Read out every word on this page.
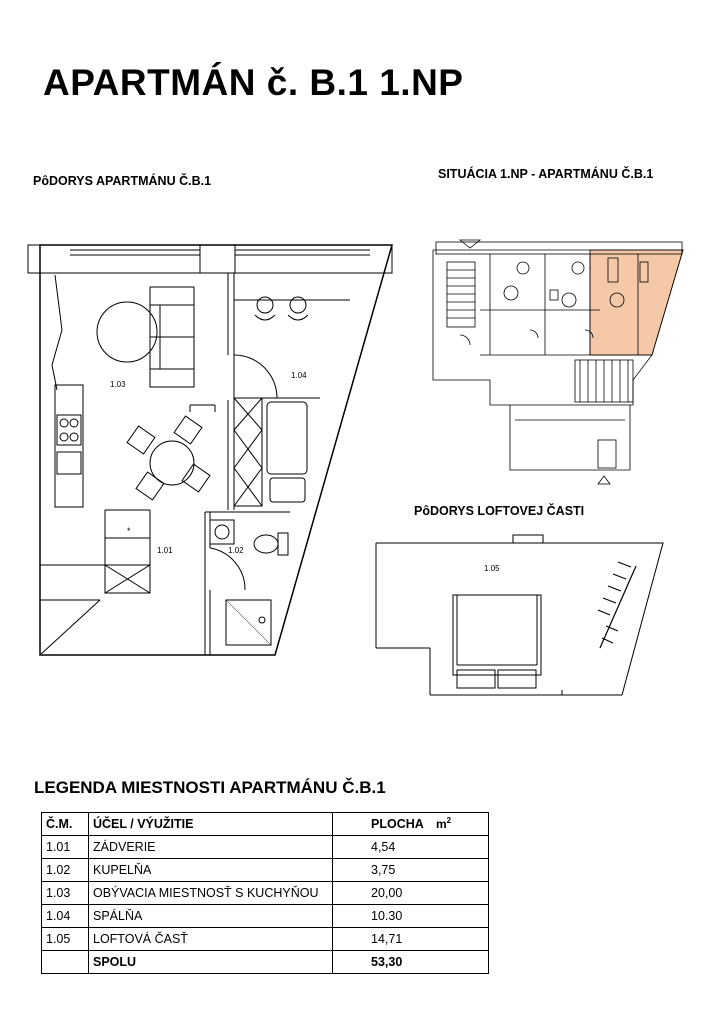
APARTMÁN č. B.1 1.NP
PôDORYS APARTMÁNU Č.B.1	SITUÁCIA 1.NP - APARTMÁNU Č.B.1
PôDORYS LOFTOVEJ ČASTI
1.03
1.04
1.01	1.02
*
1.05
LEGENDA MIESTNOSTI APARTMÁNU Č.B.1
$m^2$
Č.M.	ÚČEL / VÝUŽITIE	PLOCHA
1.01	ZÁDVERIE	4,54
1.02	KUPELŇA	3,75
1.03	OBÝVACIA MIESTNOSŤ S KUCHYŇOU	20,00
1.04	SPÁLŇA	10.30
1.05	LOFTOVÁ ČASŤ	14,71
	SPOLU	53,30
